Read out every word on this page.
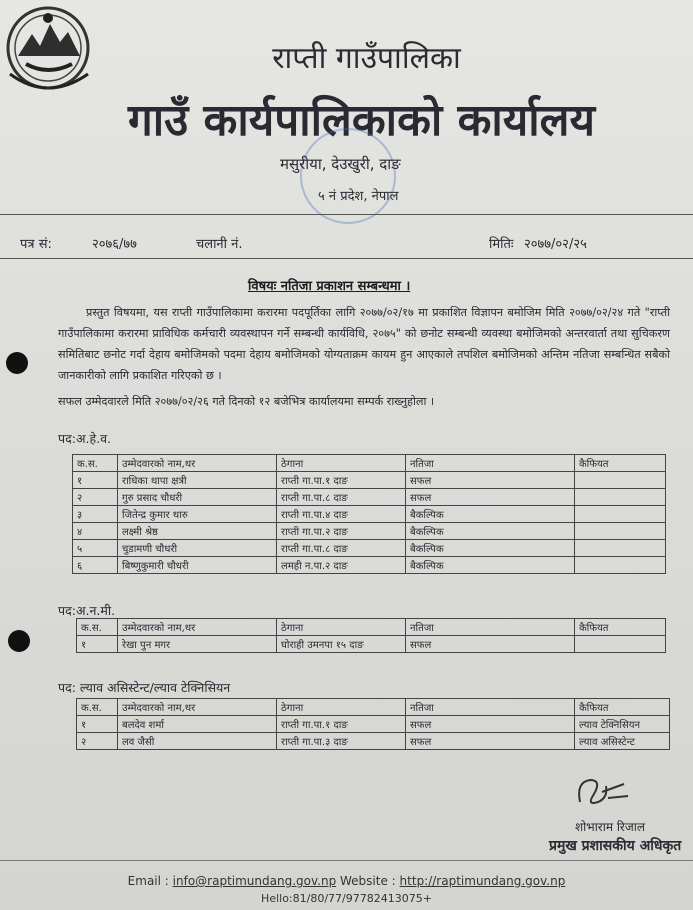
राप्ती गाउँपालिका
गाउँ कार्यपालिकाको कार्यालय
मसुरीया, देउखुरी, दाङ
५ नं प्रदेश, नेपाल
पत्र सं:	२०७६/७७	चलानी नं.	मितिः २०७७/०२/२५
विषयः नतिजा प्रकाशन सम्बन्धमा ।
प्रस्तुत विषयमा, यस राप्ती गाउँपालिकामा करारमा पदपूर्तिका लागि २०७७/०२/१७ मा प्रकाशित विज्ञापन बमोजिम मिति २०७७/०२/२४ गते "राप्ती गाउँपालिकामा करारमा प्राविधिक कर्मचारी व्यवस्थापन गर्ने सम्बन्धी कार्यविधि, २०७५" को छनोट सम्बन्धी व्यवस्था बमोजिमको अन्तरवार्ता तथा सुचिकरण समितिबाट छनोट गर्दा देहाय बमोजिमको पदमा देहाय बमोजिमको योग्यताक्रम कायम हुन आएकाले तपशिल बमोजिमको अन्तिम नतिजा सम्बन्धित सबैको जानकारीको लागि प्रकाशित गरिएको छ ।
सफल उम्मेदवारले मिति २०७७/०२/२६ गते दिनको १२ बजेभित्र कार्यालयमा सम्पर्क राख्नुहोला ।
पद:अ.हे.व.
क.स.	उम्मेदवारको नाम,थर	ठेगाना	नतिजा	कैफियत
१	राधिका थापा क्षत्री	राप्ती गा.पा.१ दाङ	सफल	
२	गुरु प्रसाद चौधरी	राप्ती गा.पा.८ दाङ	सफल	
३	जितेन्द्र कुमार थारु	राप्ती गा.पा.४ दाङ	बैकल्पिक	
४	लक्ष्मी श्रेष्ठ	राप्ती गा.पा.२ दाङ	बैकल्पिक	
५	चुडामणी चौधरी	राप्ती गा.पा.८ दाङ	बैकल्पिक	
६	बिष्णुकुमारी चौधरी	लमही न.पा.२ दाङ	बैकल्पिक	
पद:अ.न.मी.
क.स.	उम्मेदवारको नाम,थर	ठेगाना	नतिजा	कैफियत
१	रेखा पुन मगर	घोराही उमनपा १५ दाङ	सफल	
पद: ल्याव असिस्टेन्ट/ल्याव टेक्निसियन
क.स.	उम्मेदवारको नाम,थर	ठेगाना	नतिजा	कैफियत
१	बलदेव शर्मा	राप्ती गा.पा.१ दाङ	सफल	ल्याव टेक्निसियन
२	लव जैसी	राप्ती गा.पा.३ दाङ	सफल	ल्याव असिस्टेन्ट
शोभाराम रिजाल
प्रमुख प्रशासकीय अधिकृत
Email : info@raptimundang.gov.np Website : http://raptimundang.gov.np
Hello:81/80/77/97782413075+
